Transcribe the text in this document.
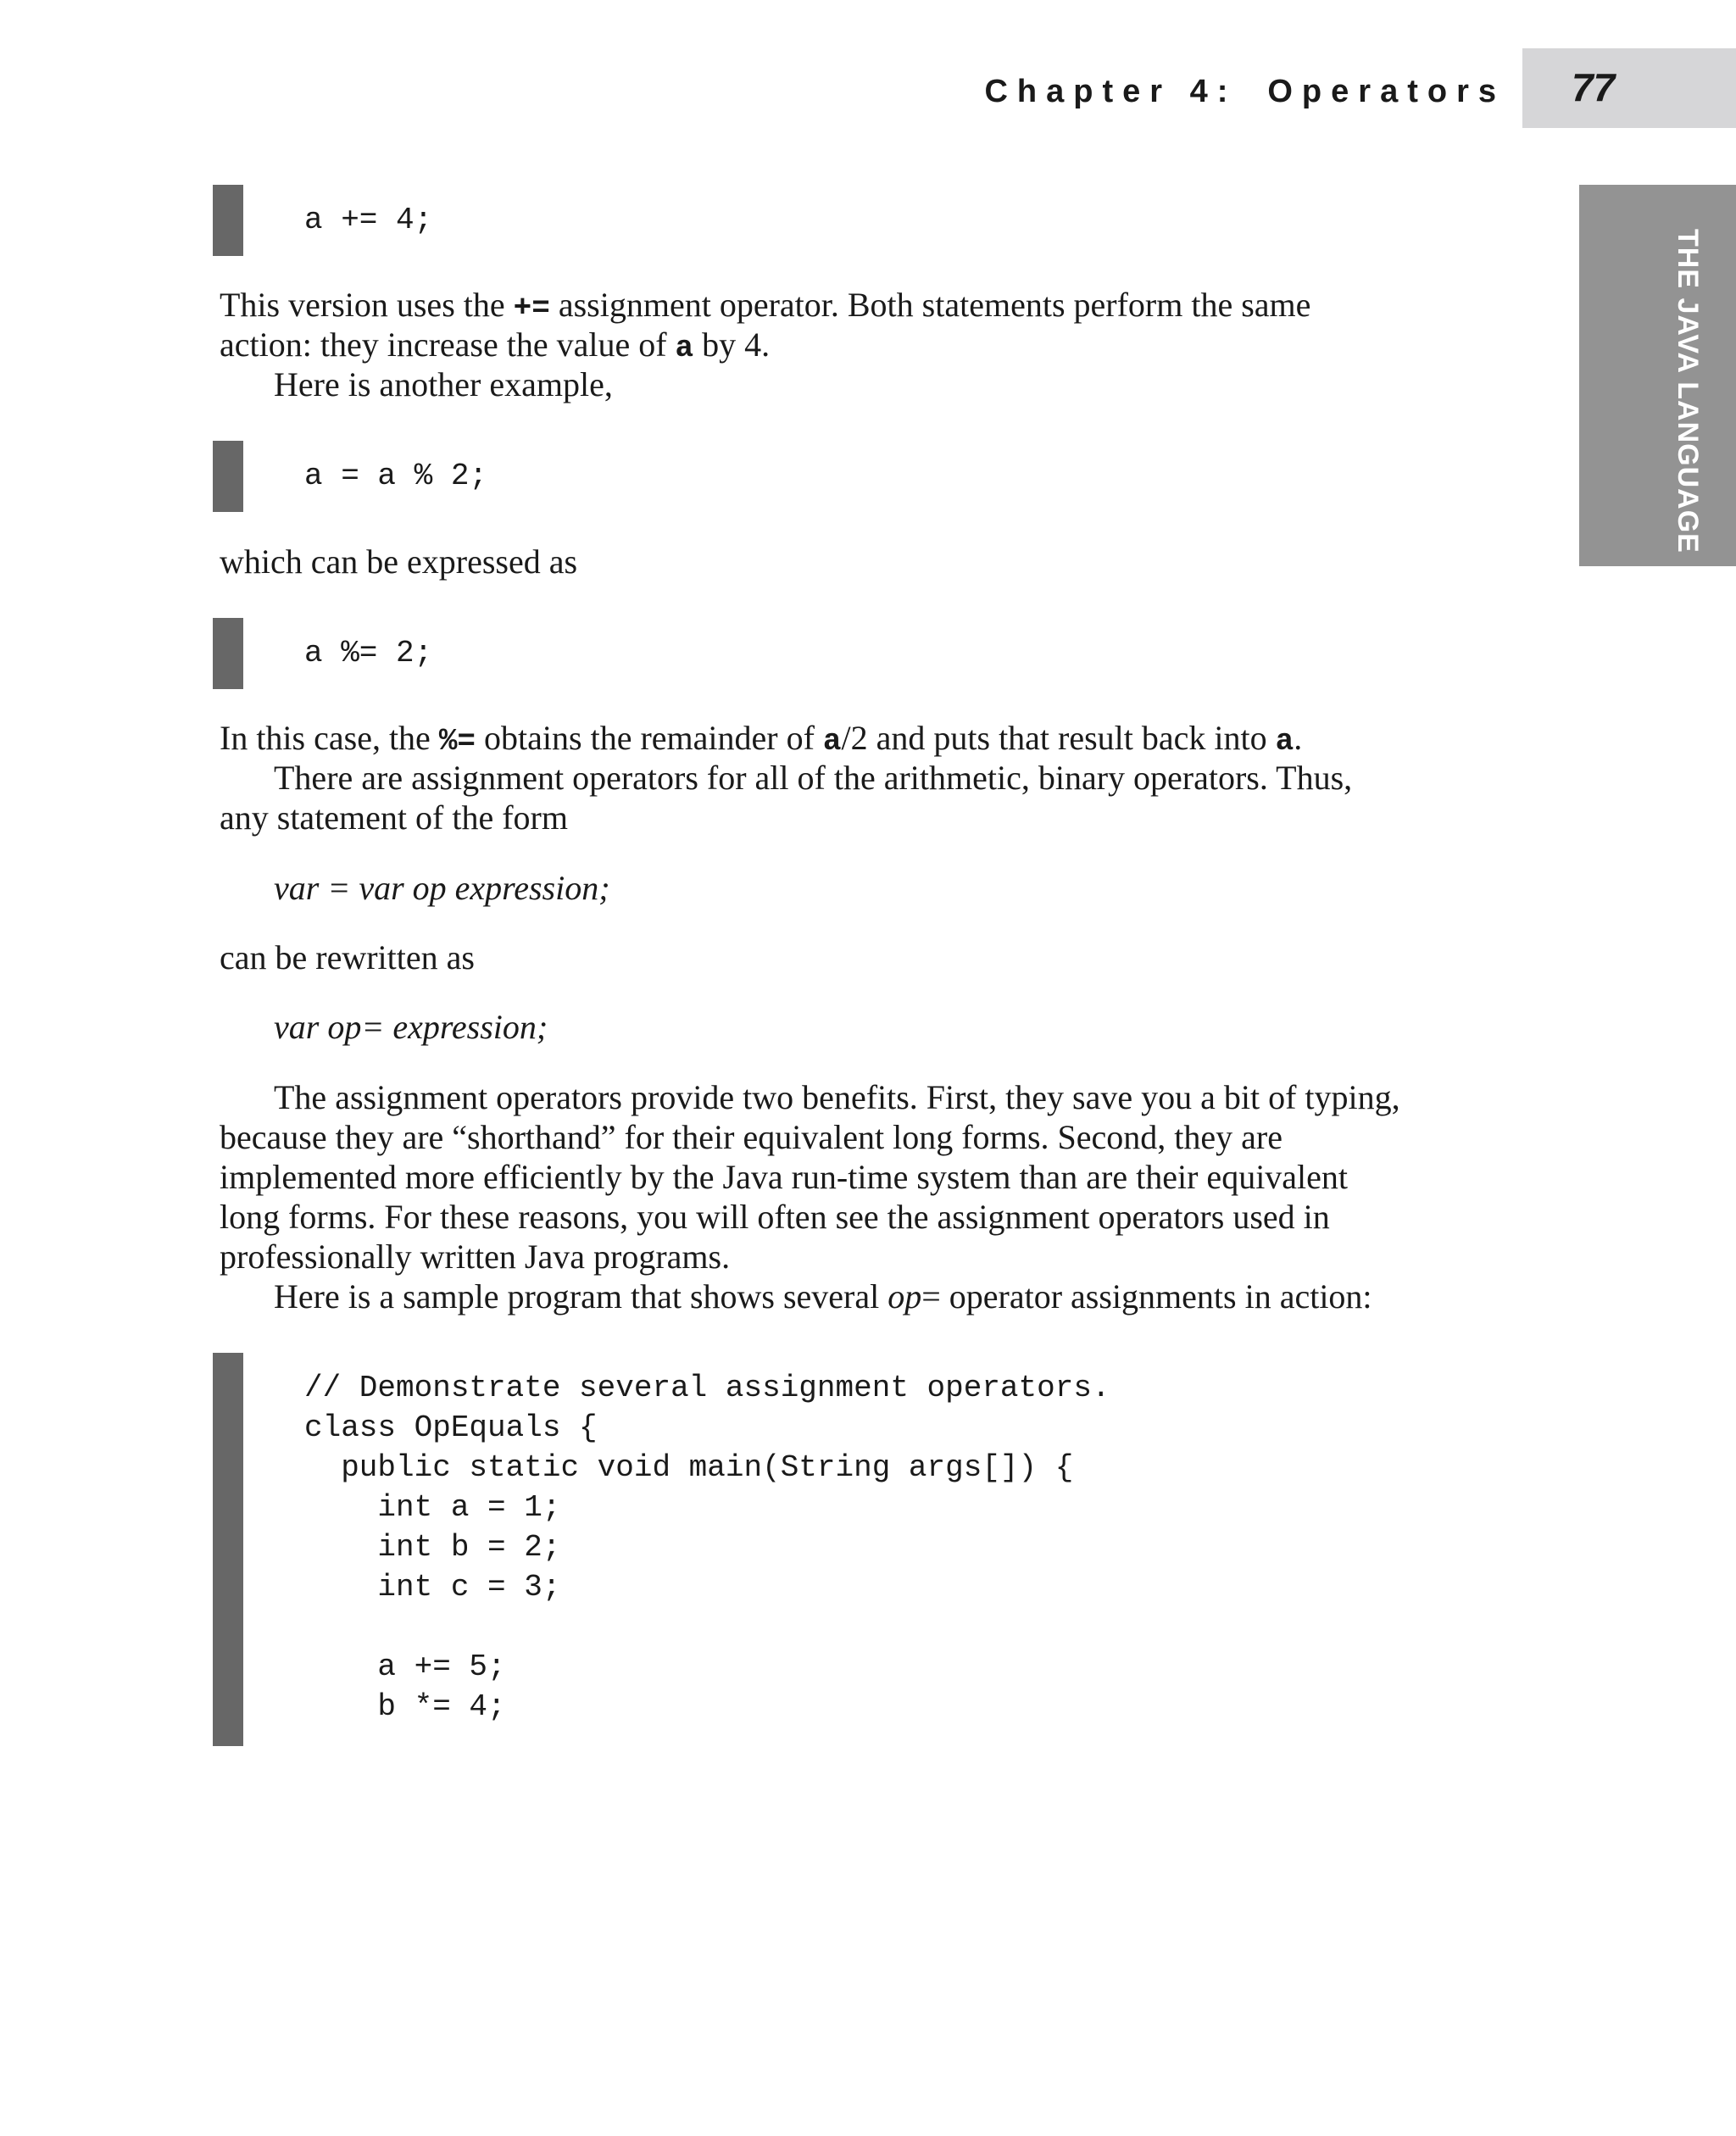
Chapter 4: Operators 77
THE JAVA LANGUAGE
a += 4;
This version uses the += assignment operator. Both statements perform the same
action: they increase the value of a by 4.
Here is another example,
a = a % 2;
which can be expressed as
a %= 2;
In this case, the %= obtains the remainder of a/2 and puts that result back into a.
There are assignment operators for all of the arithmetic, binary operators. Thus,
any statement of the form
var = var op expression;
can be rewritten as
var op= expression;
The assignment operators provide two benefits. First, they save you a bit of typing,
because they are “shorthand” for their equivalent long forms. Second, they are
implemented more efficiently by the Java run-time system than are their equivalent
long forms. For these reasons, you will often see the assignment operators used in
professionally written Java programs.
Here is a sample program that shows several op= operator assignments in action:
// Demonstrate several assignment operators.
class OpEquals {
public static void main(String args[]) {
int a = 1;
int b = 2;
int c = 3;
a += 5;
b *= 4;
